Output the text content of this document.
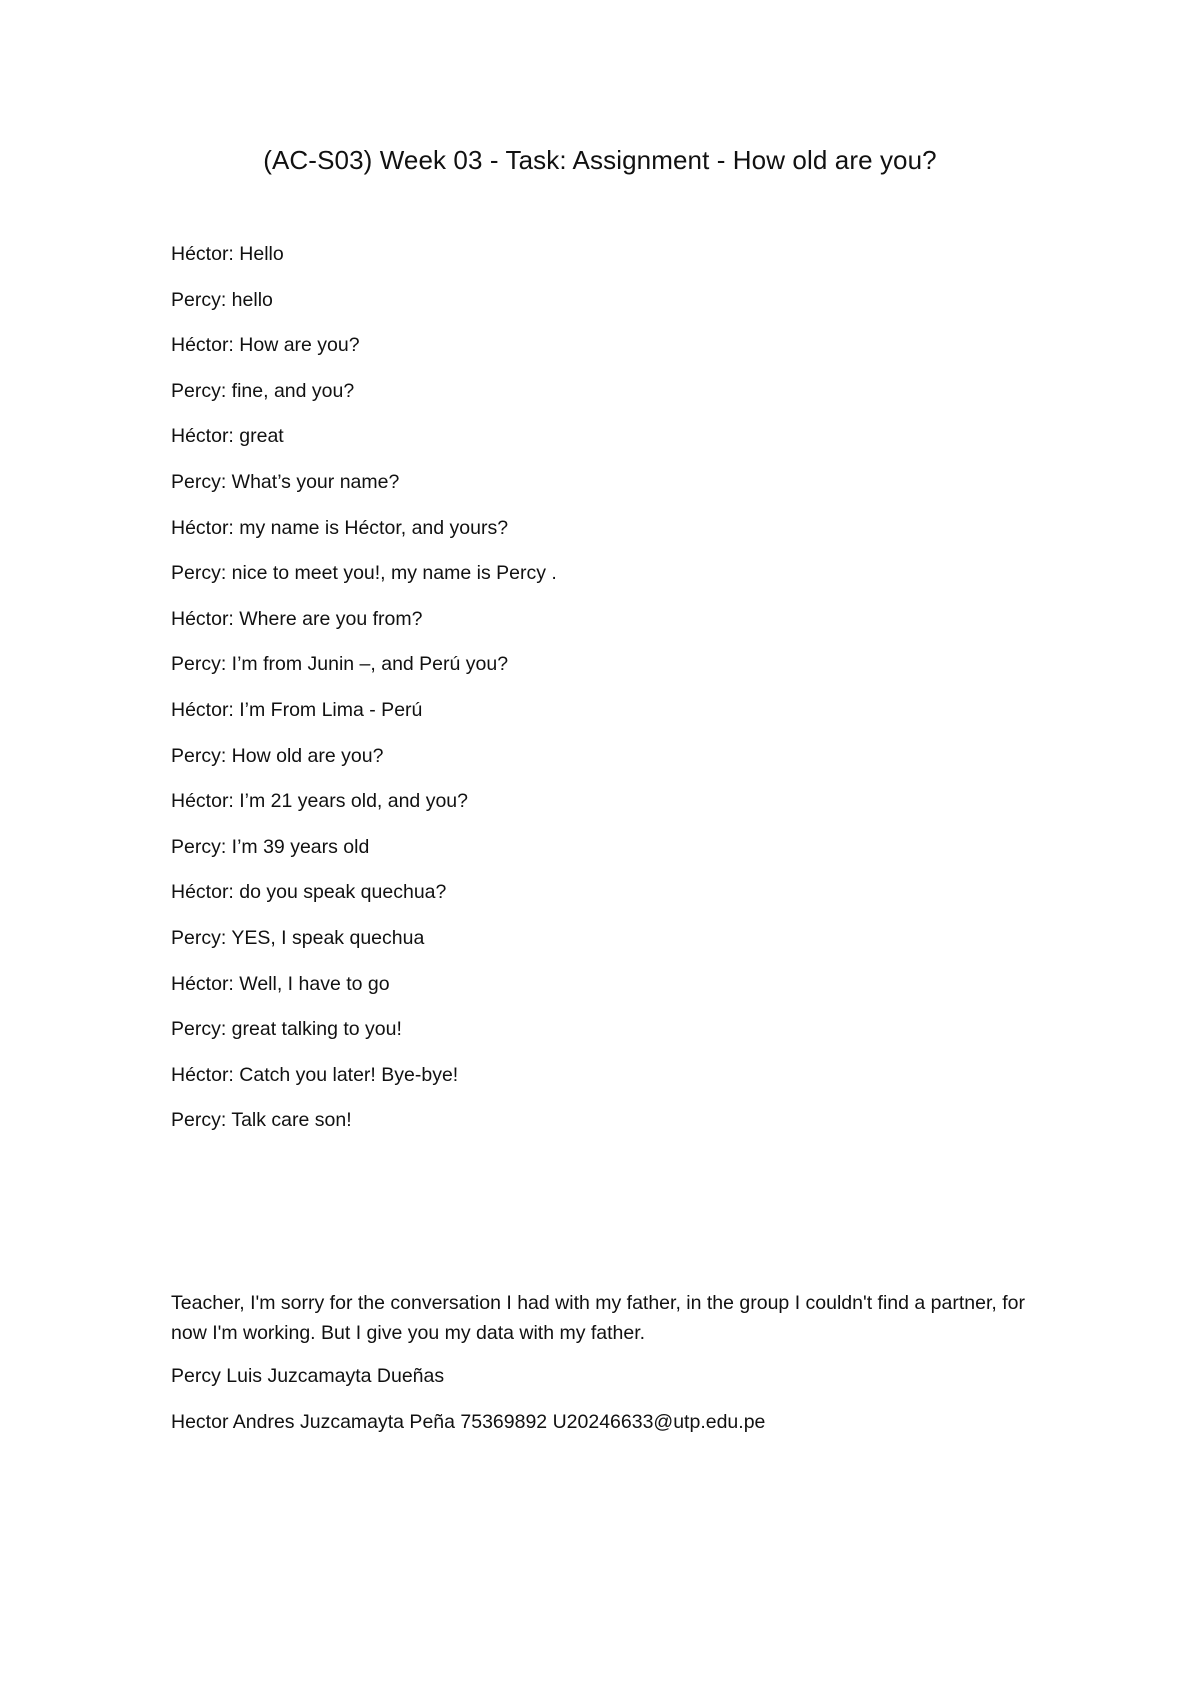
(AC-S03) Week 03 - Task: Assignment - How old are you?
Héctor: Hello
Percy: hello
Héctor: How are you?
Percy: fine, and you?
Héctor: great
Percy: What’s your name?
Héctor: my name is Héctor, and yours?
Percy: nice to meet you!, my name is Percy .
Héctor: Where are you from?
Percy: I’m from Junin –, and Perú you?
Héctor: I’m From Lima - Perú
Percy: How old are you?
Héctor: I’m 21 years old, and you?
Percy: I’m 39 years old
Héctor: do you speak quechua?
Percy: YES, I speak quechua
Héctor: Well, I have to go
Percy: great talking to you!
Héctor: Catch you later! Bye-bye!
Percy: Talk care son!

Teacher, I'm sorry for the conversation I had with my father, in the group I couldn't find a partner, for now I'm working. But I give you my data with my father.

Percy Luis Juzcamayta Dueñas

Hector Andres Juzcamayta Peña 75369892 U20246633@utp.edu.pe
